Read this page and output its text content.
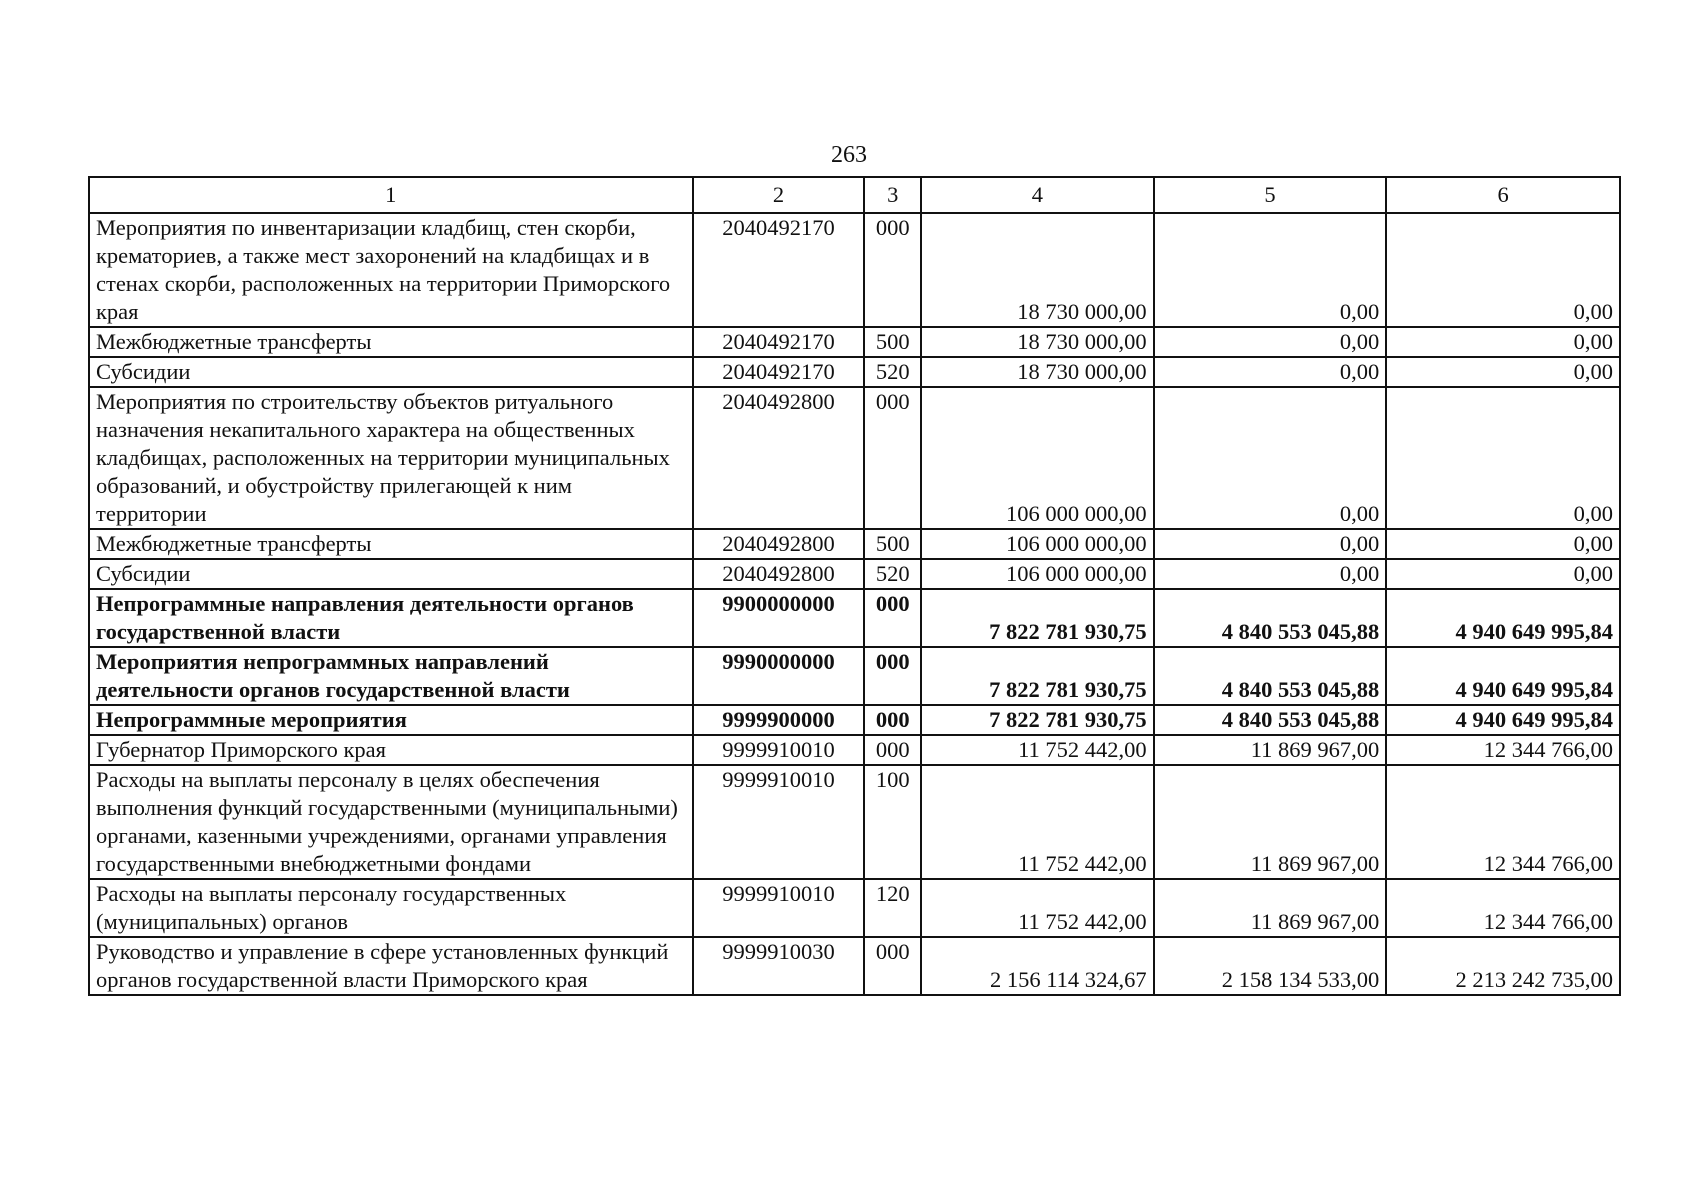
263
1	2	3	4	5	6
Мероприятия по инвентаризации кладбищ, стен скорби, крематориев, а также мест захоронений на кладбищах и в стенах скорби, расположенных на территории Приморского края	2040492170	000	18 730 000,00	0,00	0,00
Межбюджетные трансферты	2040492170	500	18 730 000,00	0,00	0,00
Субсидии	2040492170	520	18 730 000,00	0,00	0,00
Мероприятия по строительству объектов ритуального назначения некапитального характера на общественных кладбищах, расположенных на территории муниципальных образований, и обустройству прилегающей к ним территории	2040492800	000	106 000 000,00	0,00	0,00
Межбюджетные трансферты	2040492800	500	106 000 000,00	0,00	0,00
Субсидии	2040492800	520	106 000 000,00	0,00	0,00
Непрограммные направления деятельности органов государственной власти	9900000000	000	7 822 781 930,75	4 840 553 045,88	4 940 649 995,84
Мероприятия непрограммных направлений деятельности органов государственной власти	9990000000	000	7 822 781 930,75	4 840 553 045,88	4 940 649 995,84
Непрограммные мероприятия	9999900000	000	7 822 781 930,75	4 840 553 045,88	4 940 649 995,84
Губернатор Приморского края	9999910010	000	11 752 442,00	11 869 967,00	12 344 766,00
Расходы на выплаты персоналу в целях обеспечения выполнения функций государственными (муниципальными) органами, казенными учреждениями, органами управления государственными внебюджетными фондами	9999910010	100	11 752 442,00	11 869 967,00	12 344 766,00
Расходы на выплаты персоналу государственных (муниципальных) органов	9999910010	120	11 752 442,00	11 869 967,00	12 344 766,00
Руководство и управление в сфере установленных функций органов государственной власти Приморского края	9999910030	000	2 156 114 324,67	2 158 134 533,00	2 213 242 735,00
